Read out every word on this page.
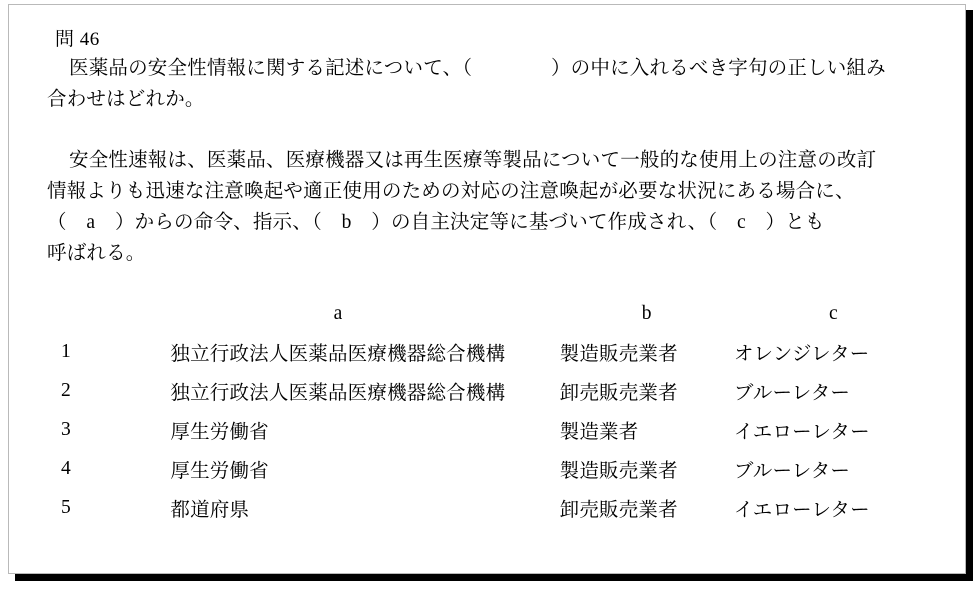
問 46
医薬品の安全性情報に関する記述について、（　　　　）の中に入れるべき字句の正しい組み
合わせはどれか。
安全性速報は、医薬品、医療機器又は再生医療等製品について一般的な使用上の注意の改訂
情報よりも迅速な注意喚起や適正使用のための対応の注意喚起が必要な状況にある場合に、
（　a　）からの命令、指示、（　b　）の自主決定等に基づいて作成され、（　c　）とも
呼ばれる。
	a	b	c
1	独立行政法人医薬品医療機器総合機構	製造販売業者	オレンジレター
2	独立行政法人医薬品医療機器総合機構	卸売販売業者	ブルーレター
3	厚生労働省	製造業者	イエローレター
4	厚生労働省	製造販売業者	ブルーレター
5	都道府県	卸売販売業者	イエローレター
